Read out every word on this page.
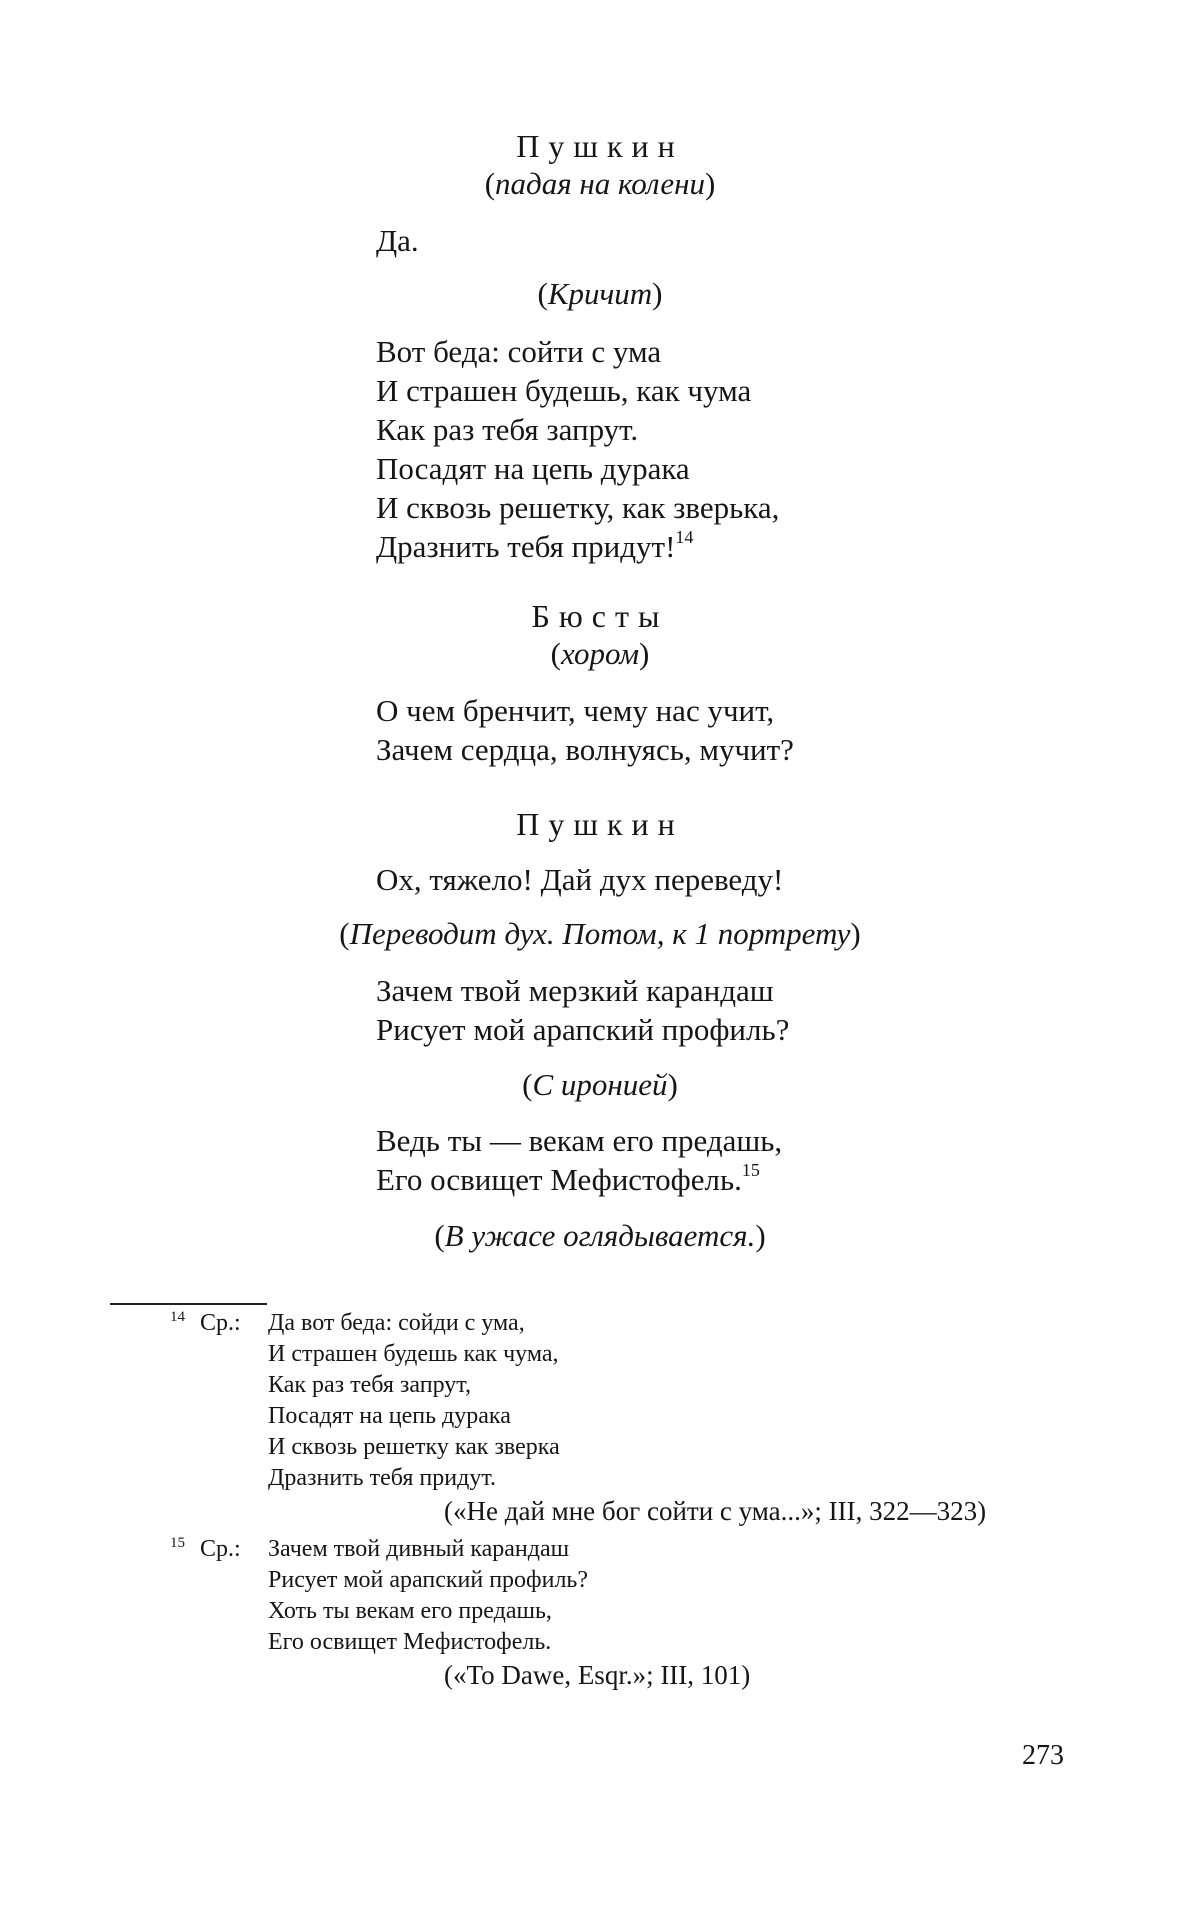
Пушкин
(падая на колени)
Да.
(Кричит)
Вот беда: сойти с ума
И страшен будешь, как чума
Как раз тебя запрут.
Посадят на цепь дурака
И сквозь решетку, как зверька,
Дразнить тебя придут!$^{14}$
Бюсты
(хором)
О чем бренчит, чему нас учит,
Зачем сердца, волнуясь, мучит?
Пушкин
Ох, тяжело! Дай дух переведу!
(Переводит дух. Потом, к 1 портрету)
Зачем твой мерзкий карандаш
Рисует мой арапский профиль?
(С иронией)
Ведь ты — векам его предашь,
Его освищет Мефистофель.$^{15}$
(В ужасе оглядывается.)
14 Ср.: Да вот беда: сойди с ума,
И страшен будешь как чума,
Как раз тебя запрут,
Посадят на цепь дурака
И сквозь решетку как зверка
Дразнить тебя придут.
(«Не дай мне бог сойти с ума...»; III, 322—323)
15 Ср.: Зачем твой дивный карандаш
Рисует мой арапский профиль?
Хоть ты векам его предашь,
Его освищет Мефистофель.
(«To Dawe, Esqr.»; III, 101)
273
